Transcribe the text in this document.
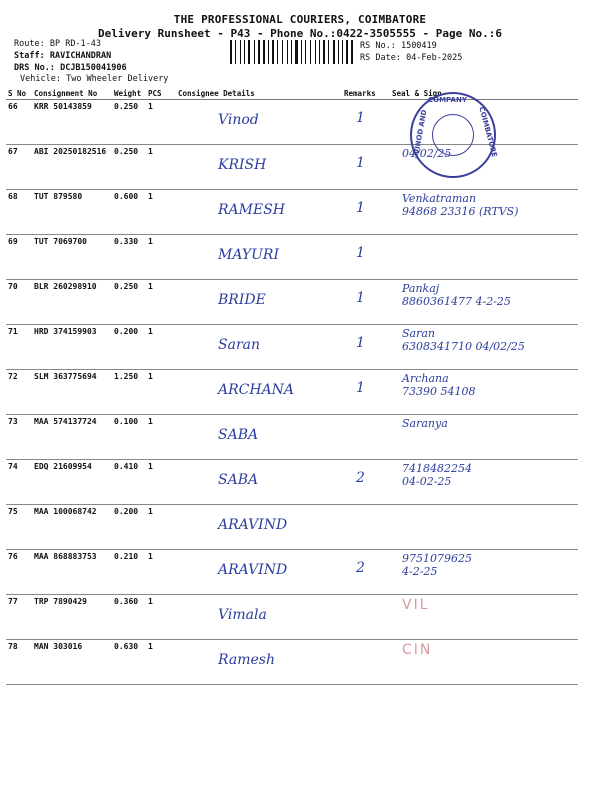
THE PROFESSIONAL COURIERS, COIMBATORE
Delivery Runsheet - P43 - Phone No.:0422-3505555 - Page No.:6
Route: BP RD-1-43
Staff: RAVICHANDRAN
DRS No.: DCJB150041906
Vehicle: Two Wheeler Delivery
RS No.: 1500419
RS Date: 04-Feb-2025
S No	Consignment No	Weight	PCS	Consignee Details	Remarks	Seal & Sign
66	KRR 50143859	0.250	1	Vinod	1	

67	ABI 20250182516	0.250	1	KRISH	1	04/02/25

68	TUT 879580	0.600	1	RAMESH	1	Venkatraman
94868 23316 (RTVS)

69	TUT 7069700	0.330	1	MAYURI	1	

70	BLR 260298910	0.250	1	BRIDE	1	Pankaj
8860361477 4-2-25

71	HRD 374159903	0.200	1	Saran	1	Saran
6308341710 04/02/25

72	SLM 363775694	1.250	1	ARCHANA	1	Archana
73390 54108

73	MAA 574137724	0.100	1	SABA		Saranya

74	EDQ 21609954	0.410	1	SABA	2	7418482254
04-02-25

75	MAA 100068742	0.200	1	ARAVIND		

76	MAA 868883753	0.210	1	ARAVIND	2	9751079625
4-2-25

77	TRP 7890429	0.360	1	Vimala		VIL

78	MAN 303016	0.630	1	Ramesh		CIN
COMPANY
VINOD AND	COIMBATORE
